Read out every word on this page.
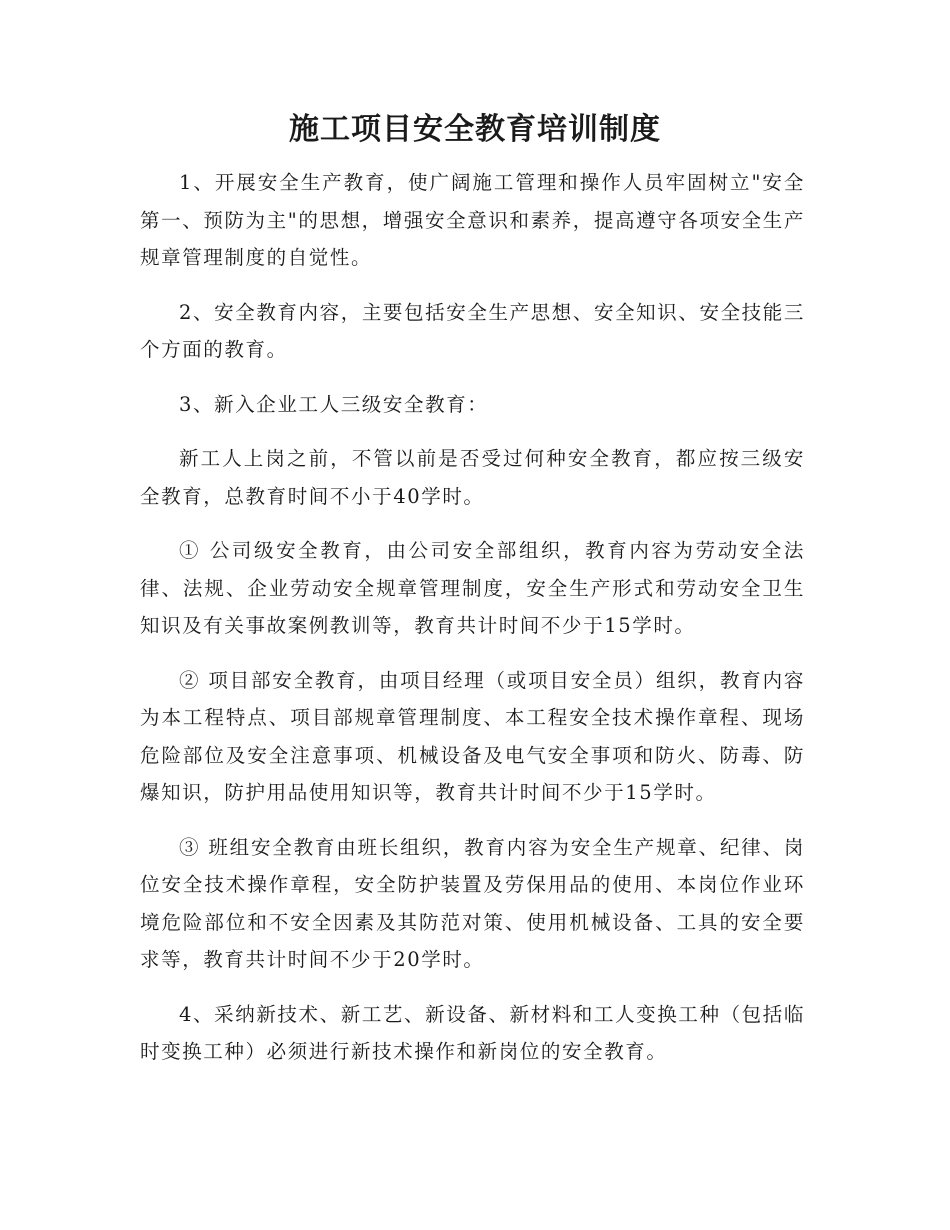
施工项目安全教育培训制度

1、开展安全生产教育，使广阔施工管理和操作人员牢固树立"安全第一、预防为主"的思想，增强安全意识和素养，提高遵守各项安全生产规章管理制度的自觉性。

2、安全教育内容，主要包括安全生产思想、安全知识、安全技能三个方面的教育。

3、新入企业工人三级安全教育：

新工人上岗之前，不管以前是否受过何种安全教育，都应按三级安全教育，总教育时间不小于40学时。

① 公司级安全教育，由公司安全部组织，教育内容为劳动安全法律、法规、企业劳动安全规章管理制度，安全生产形式和劳动安全卫生知识及有关事故案例教训等，教育共计时间不少于15学时。

② 项目部安全教育，由项目经理（或项目安全员）组织，教育内容为本工程特点、项目部规章管理制度、本工程安全技术操作章程、现场危险部位及安全注意事项、机械设备及电气安全事项和防火、防毒、防爆知识，防护用品使用知识等，教育共计时间不少于15学时。

③ 班组安全教育由班长组织，教育内容为安全生产规章、纪律、岗位安全技术操作章程，安全防护装置及劳保用品的使用、本岗位作业环境危险部位和不安全因素及其防范对策、使用机械设备、工具的安全要求等，教育共计时间不少于20学时。

4、采纳新技术、新工艺、新设备、新材料和工人变换工种（包括临时变换工种）必须进行新技术操作和新岗位的安全教育。
